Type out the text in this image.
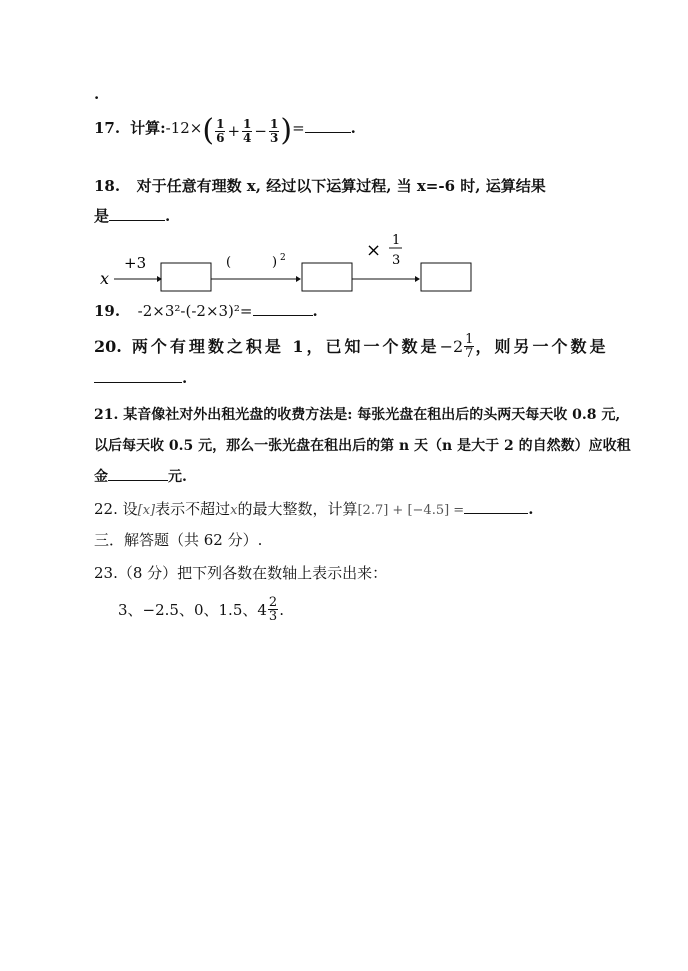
.
17. 计算: -12× ( $\frac{1}{6} + \frac{1}{4} - \frac{1}{3}$ ) =	.
18. 对于任意有理数 x, 经过以下运算过程, 当 x=-6 时, 运算结果
是	.
x
+3	(	) 2	× 1
3
19. -2×3²-(-2×3)²=	.
20. 两个有理数之积是 1，已知一个数是 $-2 \frac{1}{7}$ ，则另一个数是
.
21. 某音像社对外出租光盘的收费方法是: 每张光盘在租出后的头两天每天收 0.8 元,
以后每天收 0.5 元，那么一张光盘在租出后的第 n 天（n 是大于 2 的自然数）应收租
金	元.
22. 设[x]表示不超过x的最大整数，计算[2.7] + [−4.5] =	.
三．解答题（共 62 分）.
23.（8 分）把下列各数在数轴上表示出来：
3、−2.5、0、1.5、$4 \frac{2}{3}$ .
